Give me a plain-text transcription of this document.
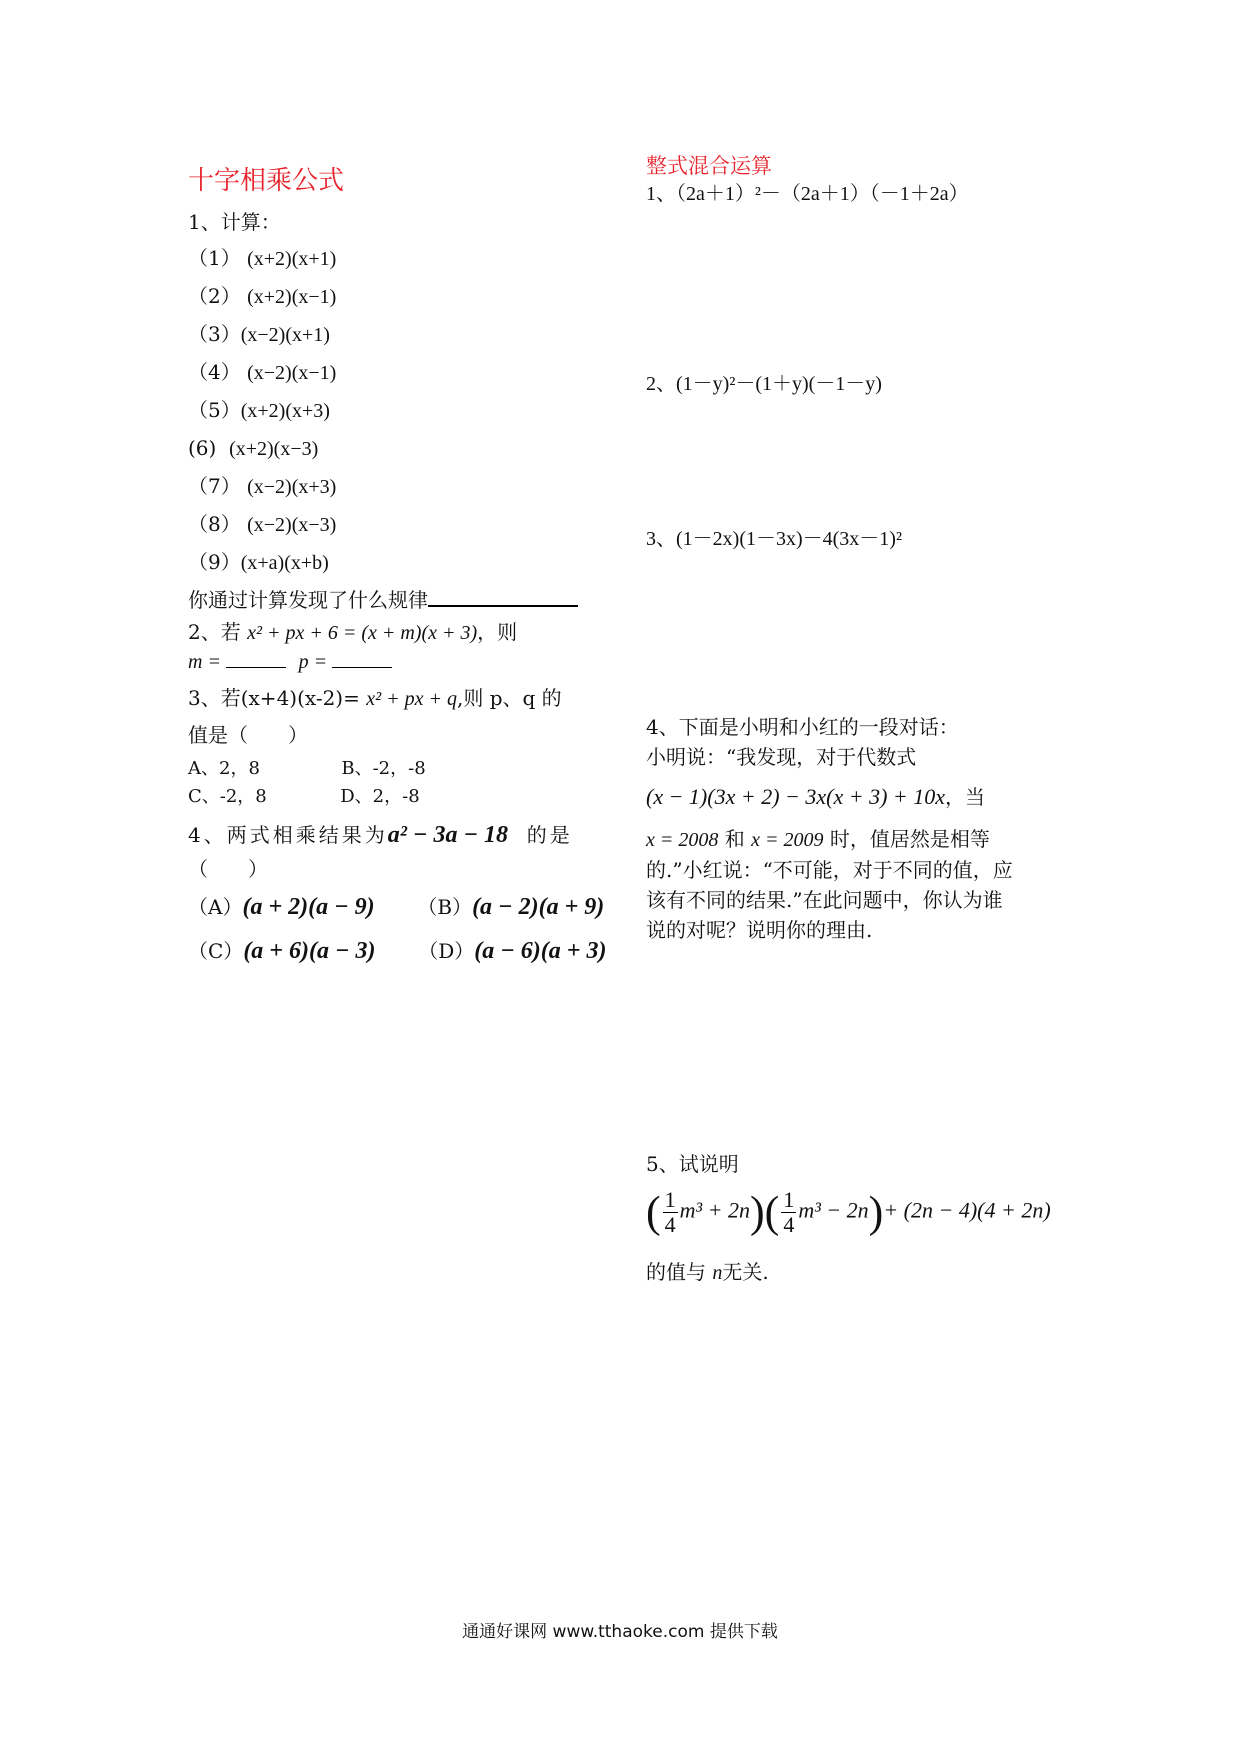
十字相乘公式
1、计算：
（1） (x+2)(x+1)
（2） (x+2)(x−1)
（3）(x−2)(x+1)
（4） (x−2)(x−1)
（5）(x+2)(x+3)
(6) (x+2)(x−3)
（7） (x−2)(x+3)
（8） (x−2)(x−3)
（9）(x+a)(x+b)
你通过计算发现了什么规律
2、若 x² + px + 6 = (x + m)(x + 3)，则
m =	p =
3、若(x+4)(x-2)= x² + px + q,则 p、q 的
值是（　　）
A、2，8	B、-2，-8
C、-2，8	D、2，-8
4、两式相乘结果为a² − 3a − 18 的是
（　　）
（A）(a + 2)(a − 9) （B）(a − 2)(a + 9)
（C）(a + 6)(a − 3) （D）(a − 6)(a + 3)
整式混合运算
1、（2a＋1）²－（2a＋1）（－1＋2a）
2、(1－y)²－(1＋y)(－1－y)
3、(1－2x)(1－3x)－4(3x－1)²
4、下面是小明和小红的一段对话：
小明说：“我发现，对于代数式
(x − 1)(3x + 2) − 3x(x + 3) + 10x，当
x = 2008 和 x = 2009 时，值居然是相等
的.”小红说：“不可能，对于不同的值，应
该有不同的结果.”在此问题中，你认为谁
说的对呢？说明你的理由.
5、试说明
( $\frac{1}{4} m^3 + 2n)( \frac{1}{4} m^3 - 2n)+ (2n - 4)(4 + 2n)$
的值与 n无关.
通通好课网 www.tthaoke.com 提供下载
